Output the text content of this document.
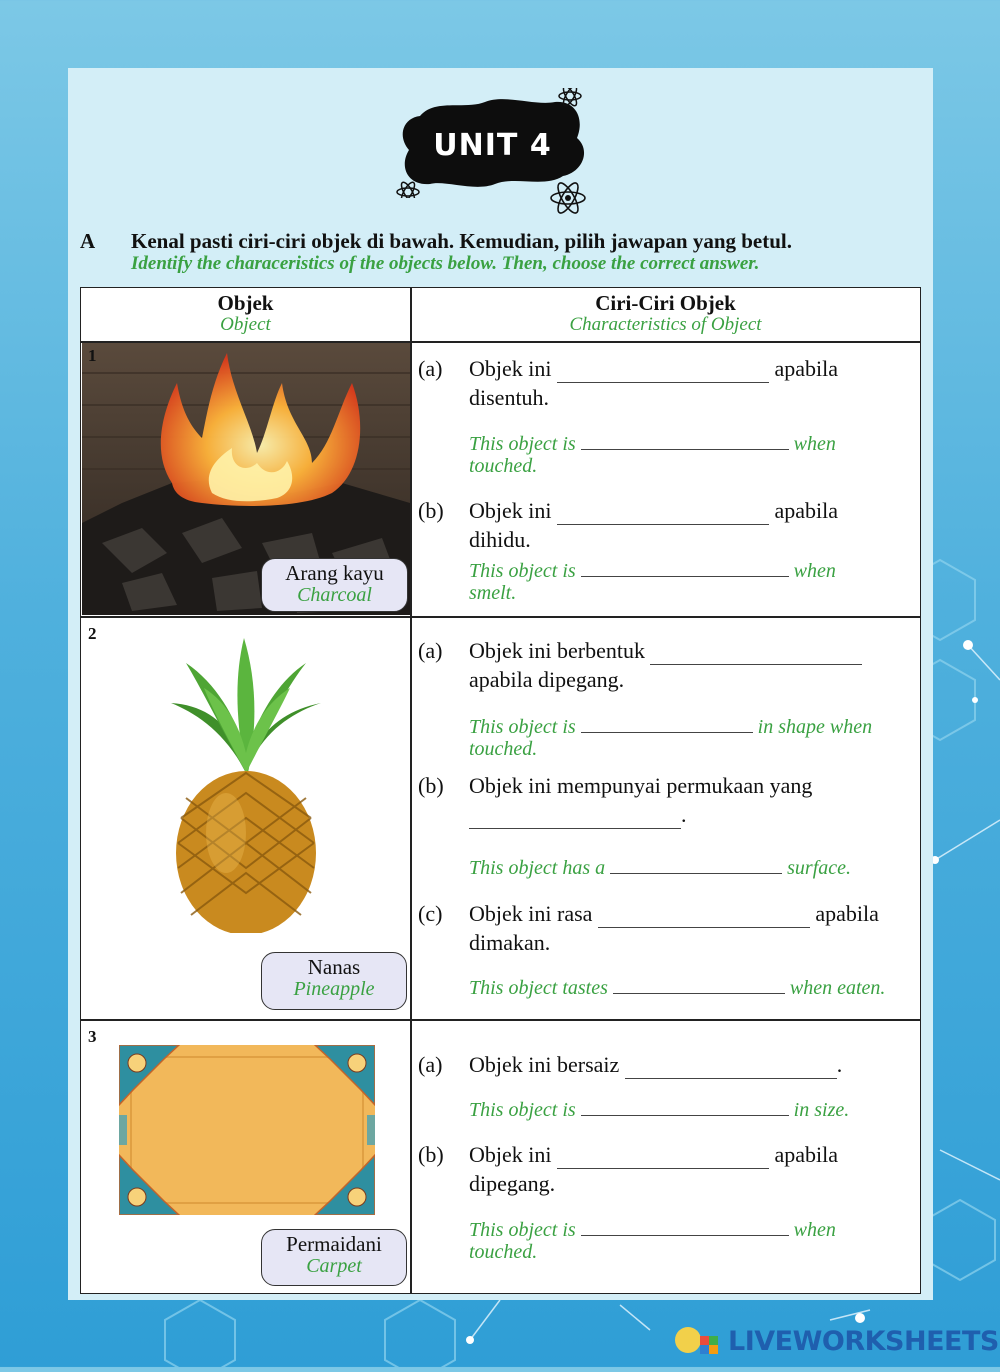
UNIT 4
A Kenal pasti ciri-ciri objek di bawah. Kemudian, pilih jawapan yang betul.
Identify the characeristics of the objects below. Then, choose the correct answer.
Objek
Object
Ciri-Ciri Objek
Characteristics of Object
1
Arang kayu
Charcoal
(a) Objek ini	apabila
disentuh.
This object is	when
touched.
(b) Objek ini	apabila
dihidu.
This object is	when
smelt.
2
Nanas
Pineapple
(a) Objek ini berbentuk
apabila dipegang.
This object is	in shape when
touched.
(b) Objek ini mempunyai permukaan yang
.
This object has a	surface.
(c) Objek ini rasa	apabila
dimakan.
This object tastes	when eaten.
3
Permaidani
Carpet
(a) Objek ini bersaiz	.
This object is	in size.
(b) Objek ini	apabila
dipegang.
This object is	when
touched.
LIVEWORKSHEETS
